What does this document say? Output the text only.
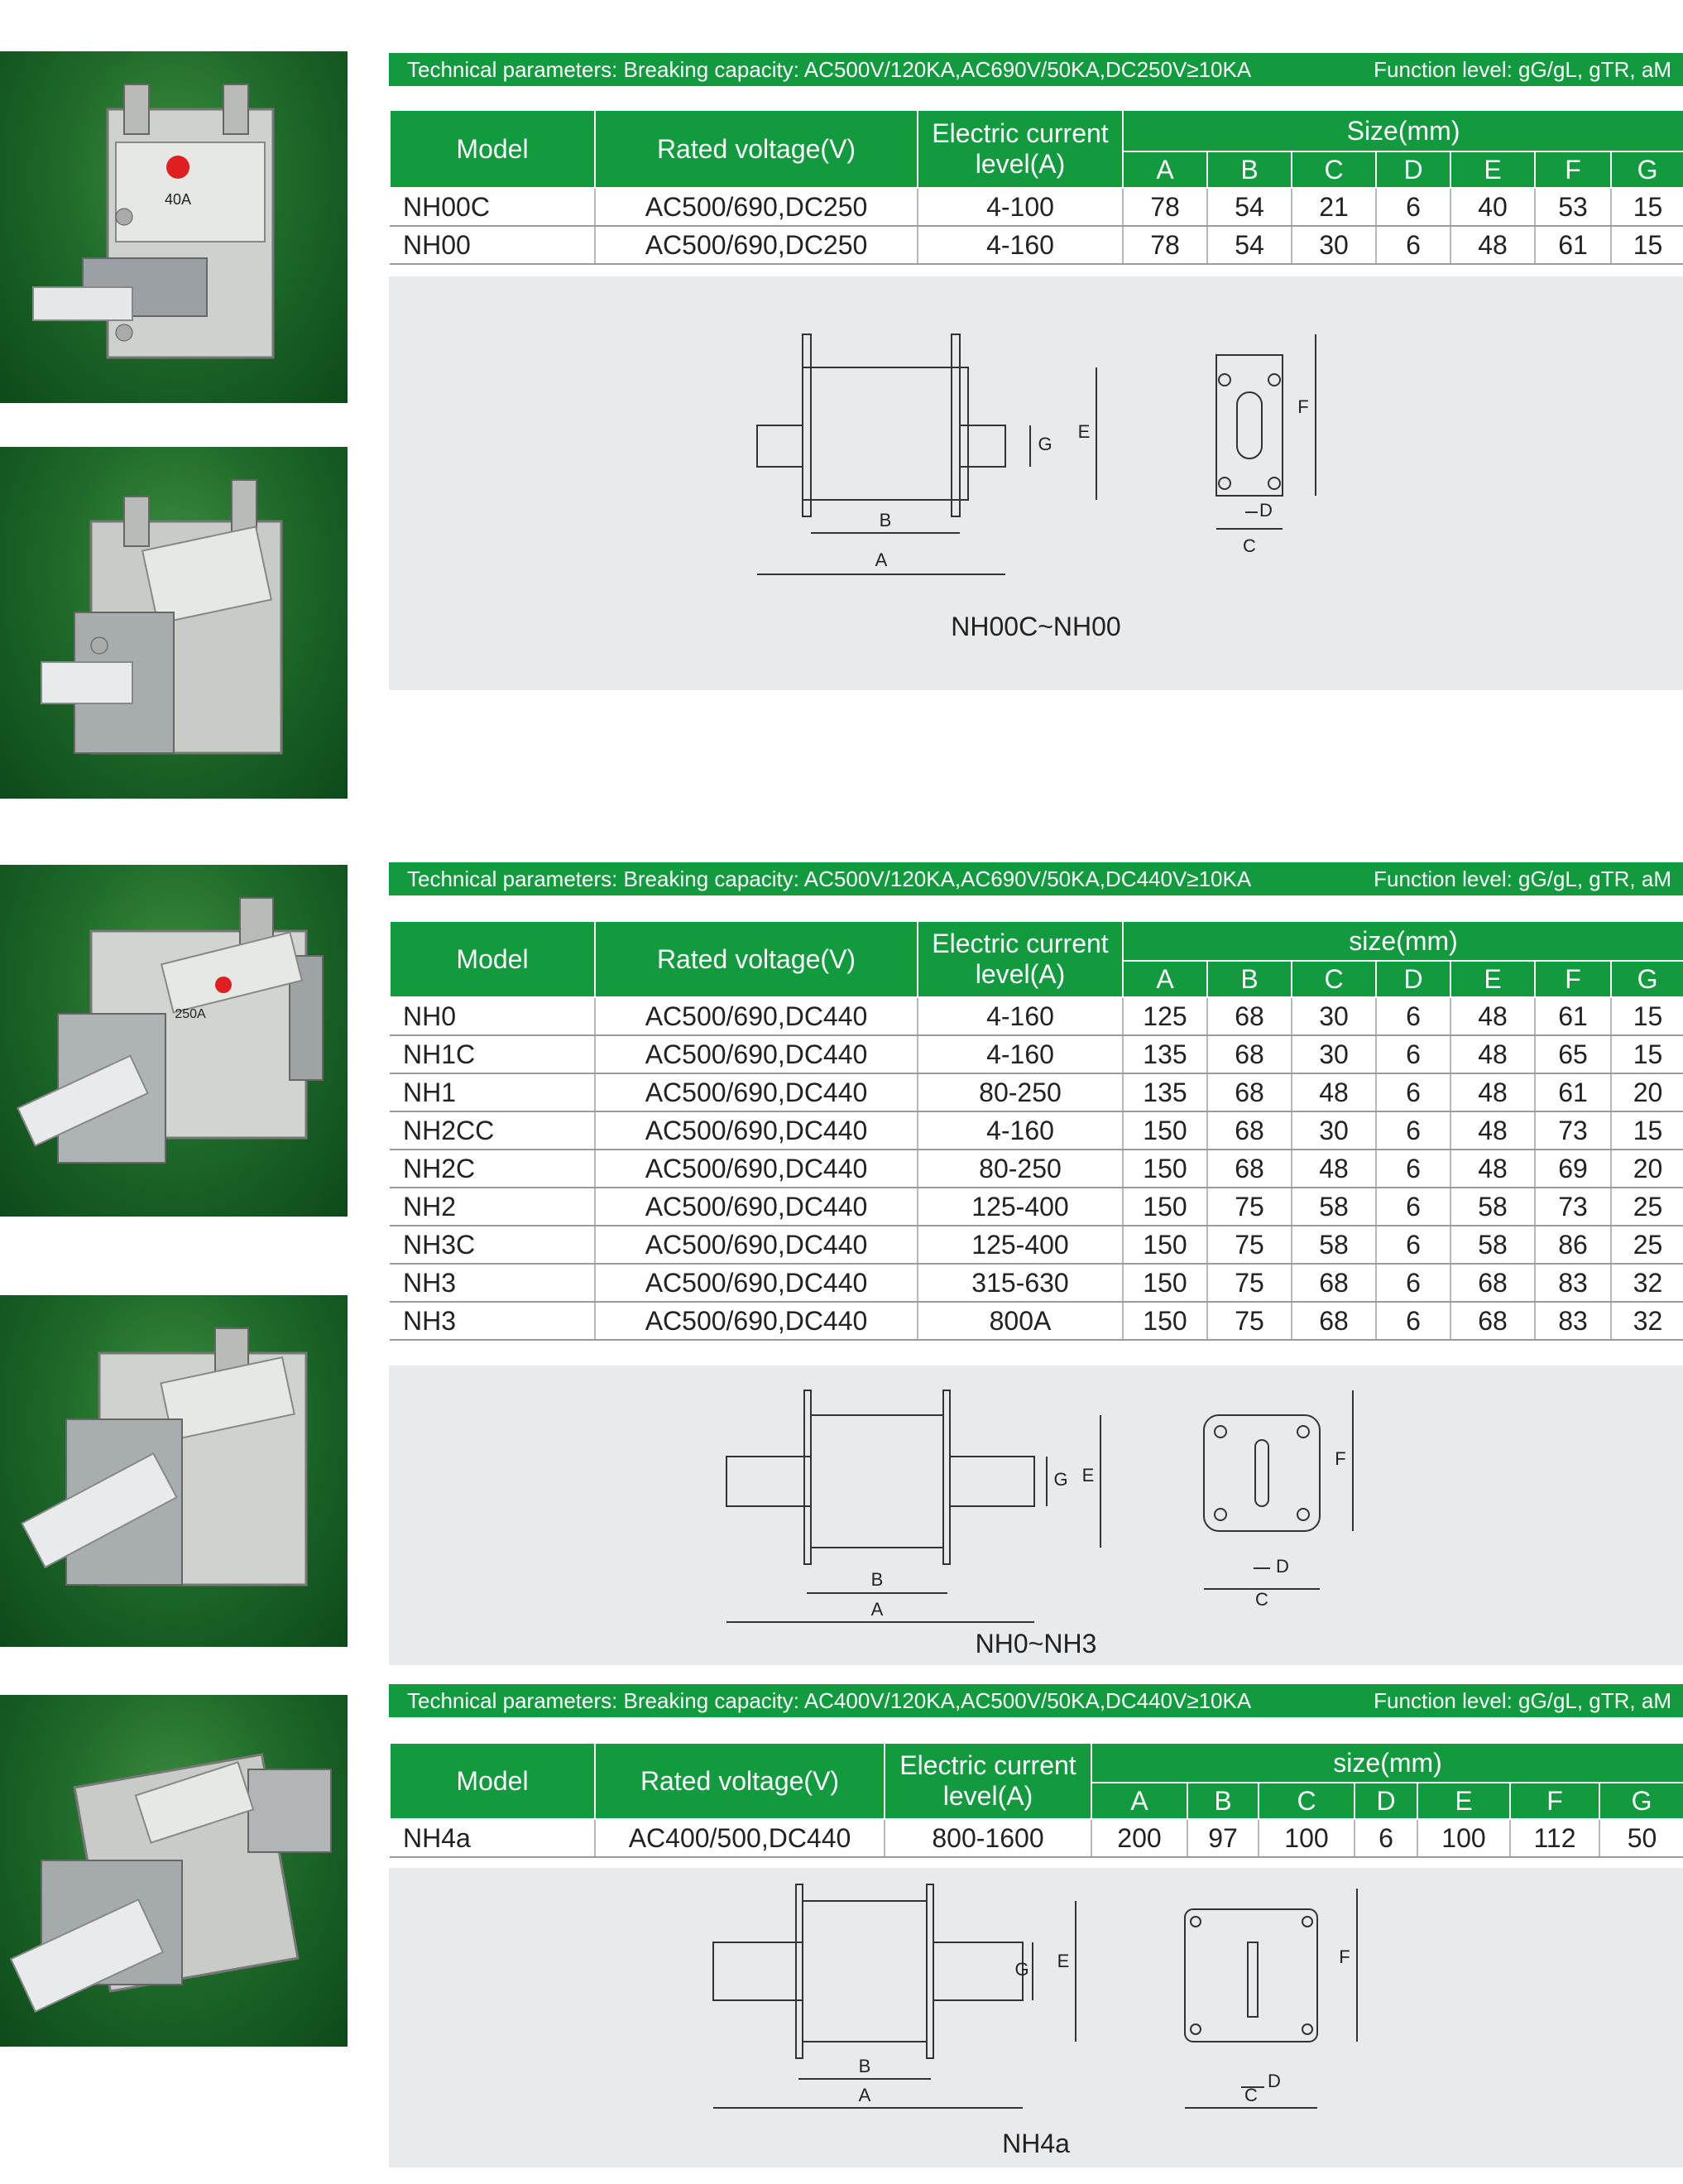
40A
250A
Technical parameters: Breaking capacity: AC500V/120KA,AC690V/50KA,DC250V≥10KA	Function level: gG/gL, gTR, aM
Model	Rated voltage(V)	Electric current level(A)	Size(mm)						
			A	B	C	D	E	F	G
NH00C	AC500/690,DC250	4-100	78	54	21	6	40	53	15
NH00	AC500/690,DC250	4-160	78	54	30	6	48	61	15
B
A
G
E
F
D
C
NH00C~NH00
Technical parameters: Breaking capacity: AC500V/120KA,AC690V/50KA,DC440V≥10KA	Function level: gG/gL, gTR, aM
Model	Rated voltage(V)	Electric current level(A)	size(mm)						
			A	B	C	D	E	F	G
NH0	AC500/690,DC440	4-160	125	68	30	6	48	61	15
NH1C	AC500/690,DC440	4-160	135	68	30	6	48	65	15
NH1	AC500/690,DC440	80-250	135	68	48	6	48	61	20
NH2CC	AC500/690,DC440	4-160	150	68	30	6	48	73	15
NH2C	AC500/690,DC440	80-250	150	68	48	6	48	69	20
NH2	AC500/690,DC440	125-400	150	75	58	6	58	73	25
NH3C	AC500/690,DC440	125-400	150	75	58	6	58	86	25
NH3	AC500/690,DC440	315-630	150	75	68	6	68	83	32
NH3	AC500/690,DC440	800A	150	75	68	6	68	83	32
B
A
G E
F
D
C
NH0~NH3
Technical parameters: Breaking capacity: AC400V/120KA,AC500V/50KA,DC440V≥10KA	Function level: gG/gL, gTR, aM
Model	Rated voltage(V)	Electric current level(A)	size(mm)						
			A	B	C	D	E	F	G
NH4a	AC400/500,DC440	800-1600	200	97	100	6	100	112	50
B
A
G E	F
D
C
NH4a
